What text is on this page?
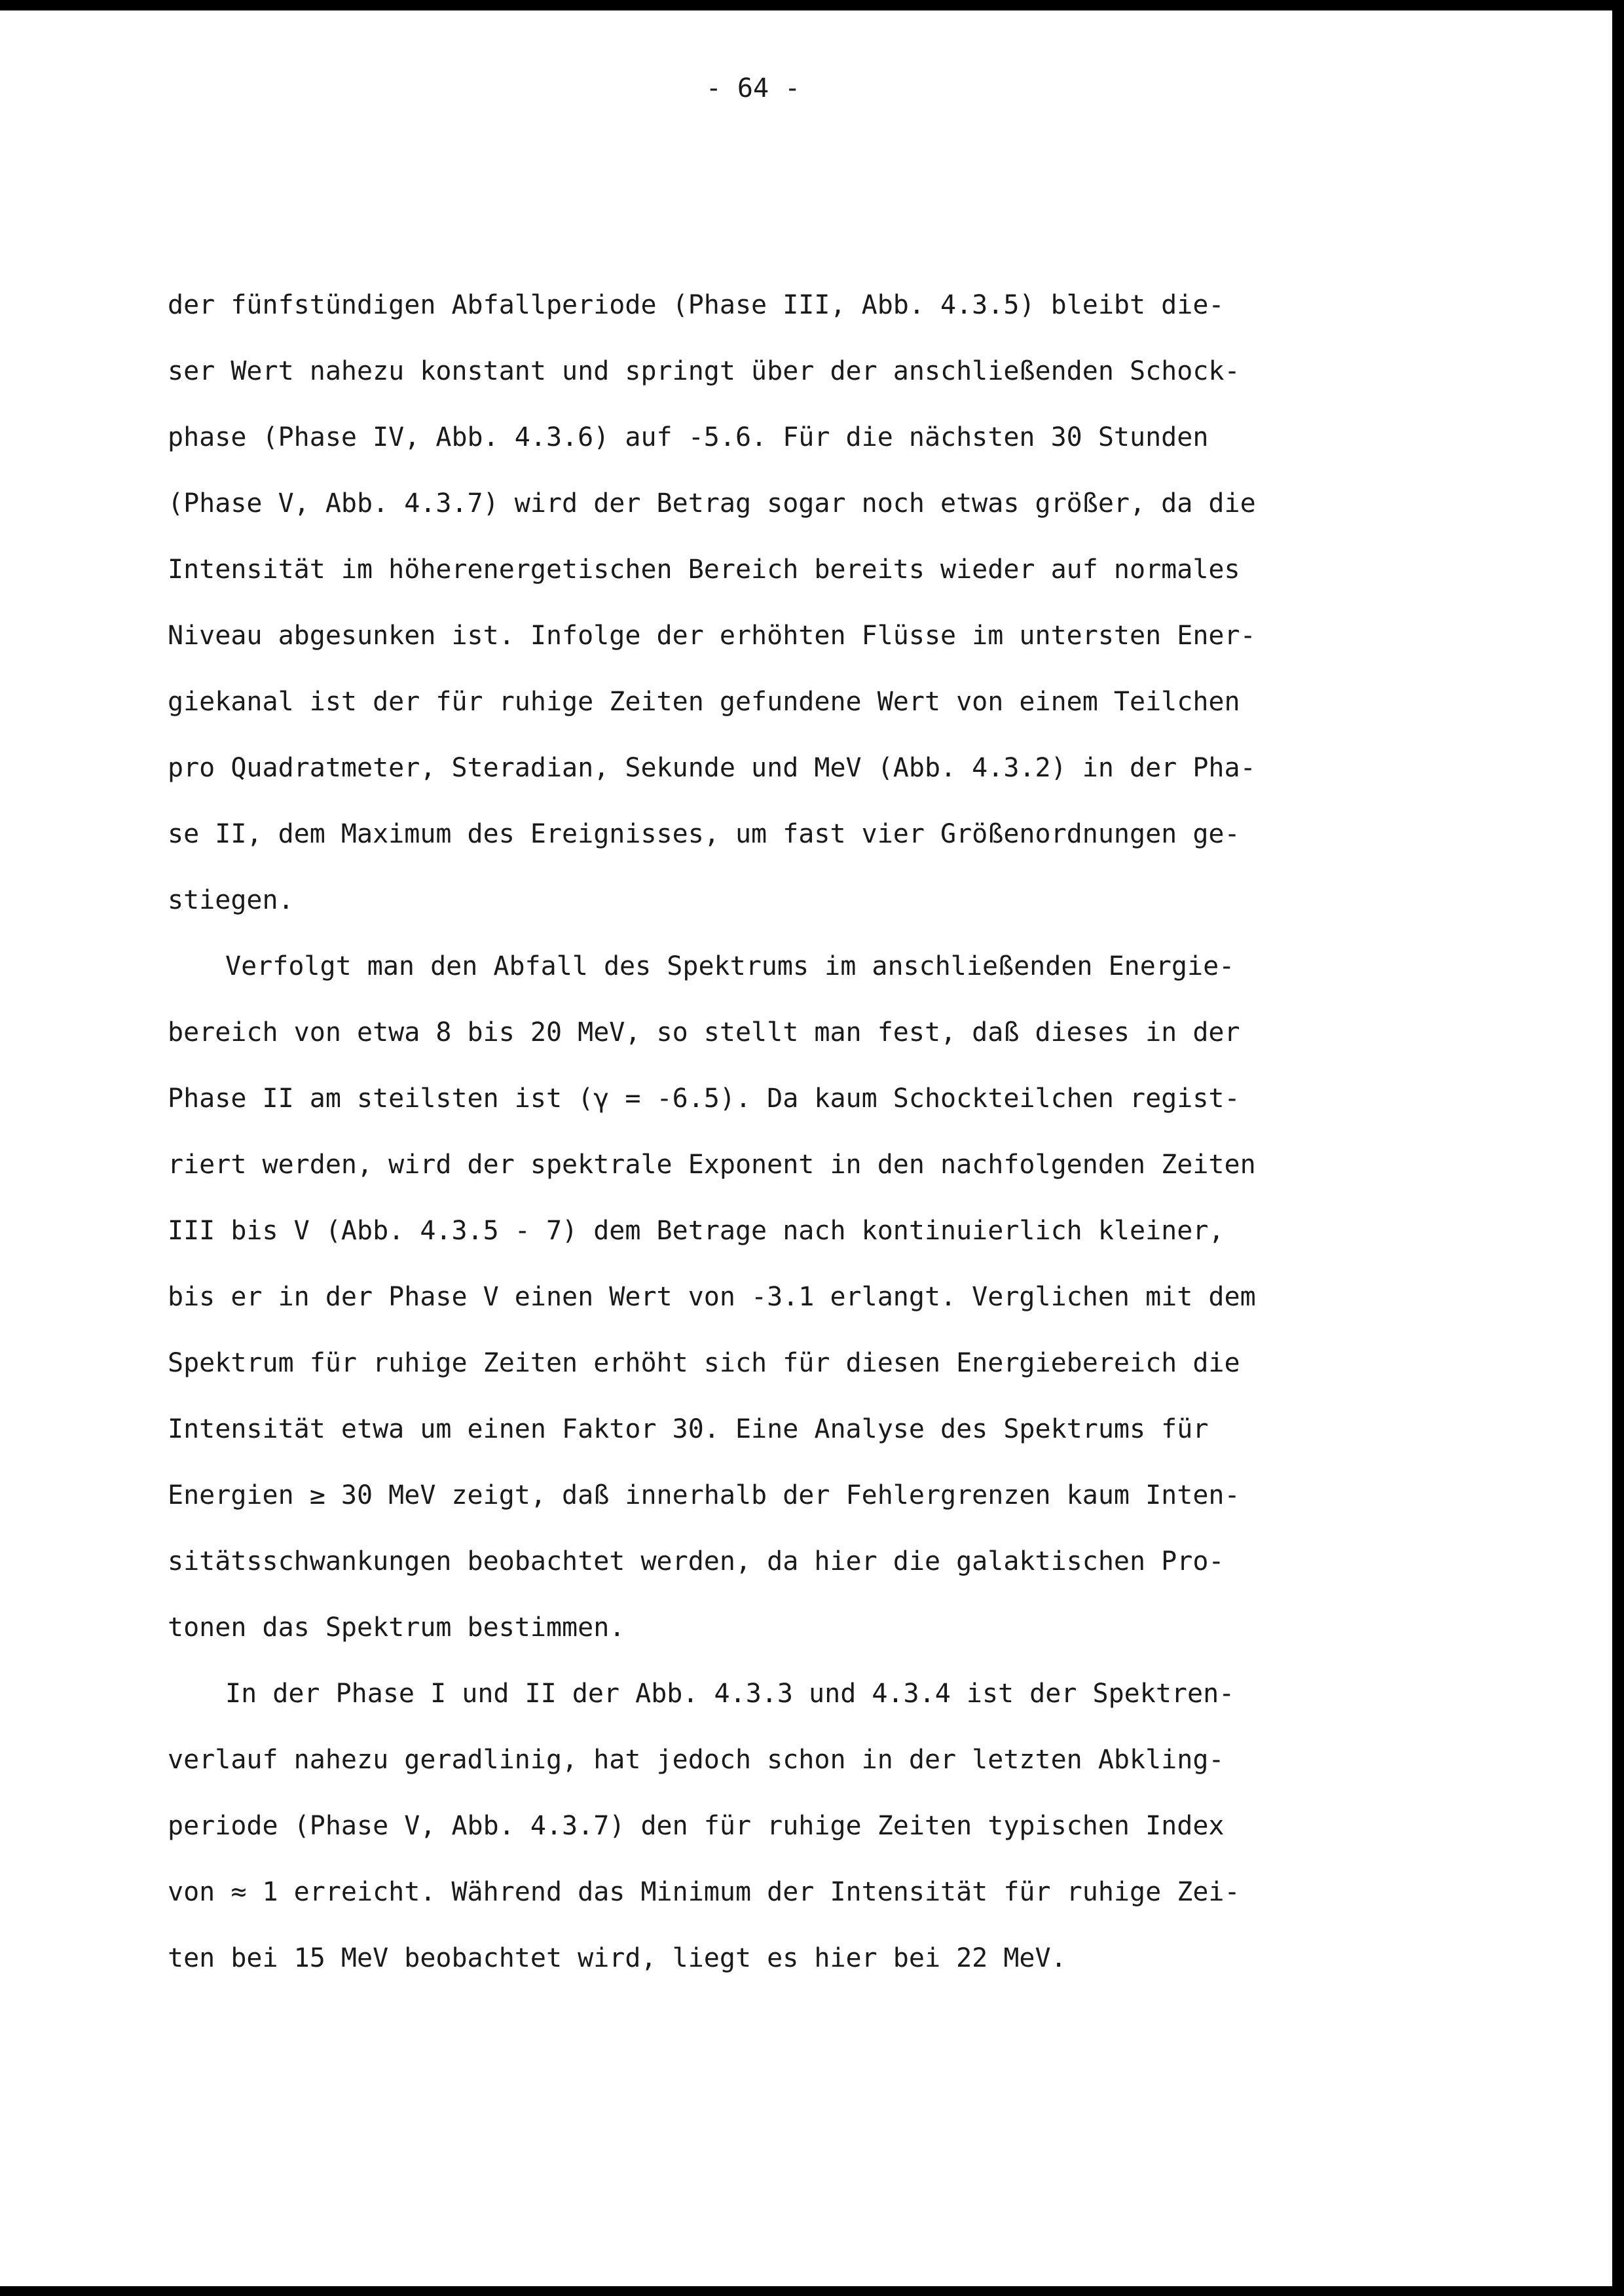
- 64 -
der fünfstündigen Abfallperiode (Phase III, Abb. 4.3.5) bleibt die-
ser Wert nahezu konstant und springt über der anschließenden Schock-
phase (Phase IV, Abb. 4.3.6) auf -5.6. Für die nächsten 30 Stunden
(Phase V, Abb. 4.3.7) wird der Betrag sogar noch etwas größer, da die
Intensität im höherenergetischen Bereich bereits wieder auf normales
Niveau abgesunken ist. Infolge der erhöhten Flüsse im untersten Ener-
giekanal ist der für ruhige Zeiten gefundene Wert von einem Teilchen
pro Quadratmeter, Steradian, Sekunde und MeV (Abb. 4.3.2) in der Pha-
se II, dem Maximum des Ereignisses, um fast vier Größenordnungen ge-
stiegen.
Verfolgt man den Abfall des Spektrums im anschließenden Energie-
bereich von etwa 8 bis 20 MeV, so stellt man fest, daß dieses in der
Phase II am steilsten ist (γ = -6.5). Da kaum Schockteilchen regist-
riert werden, wird der spektrale Exponent in den nachfolgenden Zeiten
III bis V (Abb. 4.3.5 - 7) dem Betrage nach kontinuierlich kleiner,
bis er in der Phase V einen Wert von -3.1 erlangt. Verglichen mit dem
Spektrum für ruhige Zeiten erhöht sich für diesen Energiebereich die
Intensität etwa um einen Faktor 30. Eine Analyse des Spektrums für
Energien ≥ 30 MeV zeigt, daß innerhalb der Fehlergrenzen kaum Inten-
sitätsschwankungen beobachtet werden, da hier die galaktischen Pro-
tonen das Spektrum bestimmen.
In der Phase I und II der Abb. 4.3.3 und 4.3.4 ist der Spektren-
verlauf nahezu geradlinig, hat jedoch schon in der letzten Abkling-
periode (Phase V, Abb. 4.3.7) den für ruhige Zeiten typischen Index
von ≈ 1 erreicht. Während das Minimum der Intensität für ruhige Zei-
ten bei 15 MeV beobachtet wird, liegt es hier bei 22 MeV.
